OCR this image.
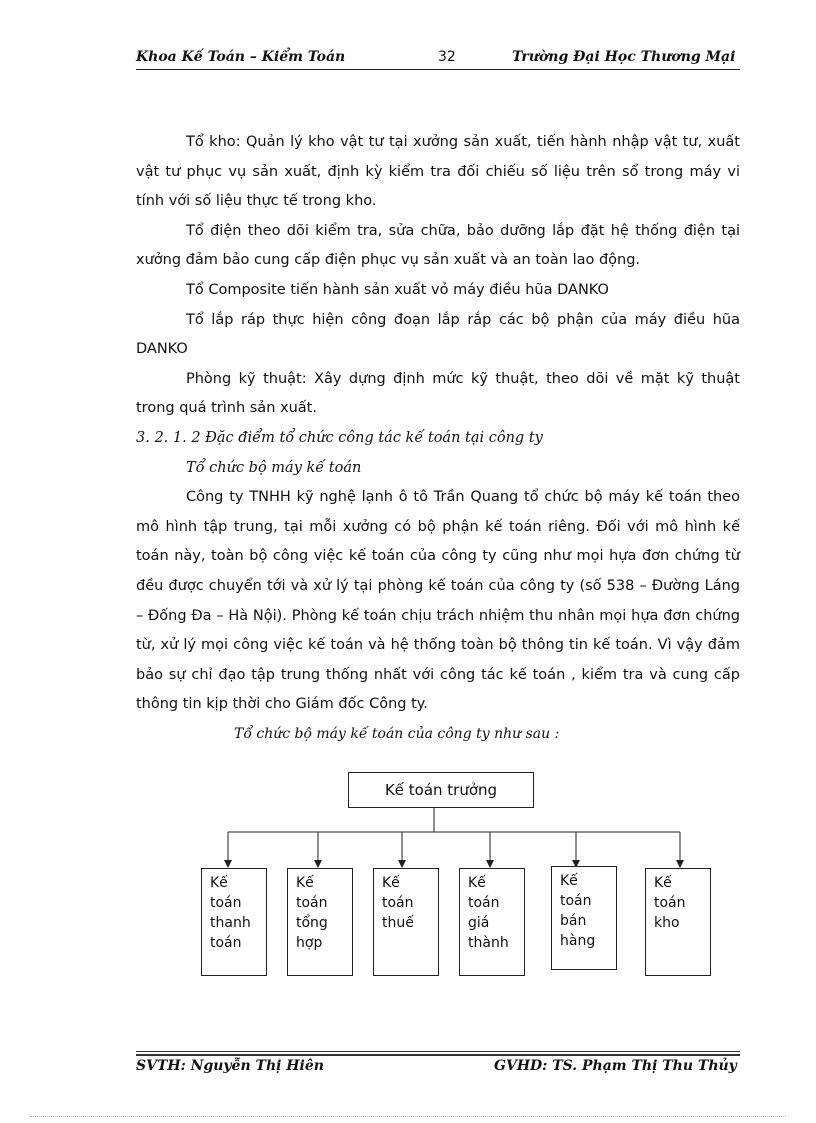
Khoa Kế Toán – Kiểm Toán	32	Trường Đại Học Thương Mại

Tổ kho: Quản lý kho vật tư tại xưởng sản xuất, tiến hành nhập vật tư, xuất vật tư phục vụ sản xuất, định kỳ kiểm tra đối chiếu số liệu trên sổ trong máy vi tính với số liệu thực tế trong kho.

Tổ điện theo dõi kiểm tra, sửa chữa, bảo dưỡng lắp đặt hệ thống điện tại xưởng đảm bảo cung cấp điện phục vụ sản xuất và an toàn lao động.

Tổ Composite tiến hành sản xuất vỏ máy điều hũa DANKO

Tổ lắp ráp thực hiện công đoạn lắp rắp các bộ phận của máy điều hũa DANKO

Phòng kỹ thuật: Xây dựng định mức kỹ thuật, theo dõi về mặt kỹ thuật trong quá trình sản xuất.

3. 2. 1. 2 Đặc điểm tổ chức công tác kế toán tại công ty

Tổ chức bộ máy kế toán

Công ty TNHH kỹ nghệ lạnh ô tô Trần Quang tổ chức bộ máy kế toán theo mô hình tập trung, tại mỗi xưởng có bộ phận kế toán riêng. Đối với mô hình kế toán này, toàn bộ công việc kế toán của công ty cũng như mọi hựa đơn chứng từ đều được chuyển tới và xử lý tại phòng kế toán của công ty (số 538 – Đường Láng – Đống Đa – Hà Nội). Phòng kế toán chịu trách nhiệm thu nhân mọi hựa đơn chứng từ, xử lý mọi công việc kế toán và hệ thống toàn bộ thông tin kế toán. Vì vậy đảm bảo sự chỉ đạo tập trung thống nhất với công tác kế toán , kiểm tra và cung cấp thông tin kịp thời cho Giám đốc Công ty.

Tổ chức bộ máy kế toán của công ty như sau :

Kế toán trưởng
Kế
toán
thanh
toán
Kế
toán
tổng
hợp
Kế
toán
thuế
Kế
toán
giá
thành
Kế
toán
bán
hàng
Kế
toán
kho
SVTH: Nguyễn Thị Hiên	GVHD: TS. Phạm Thị Thu Thủy
